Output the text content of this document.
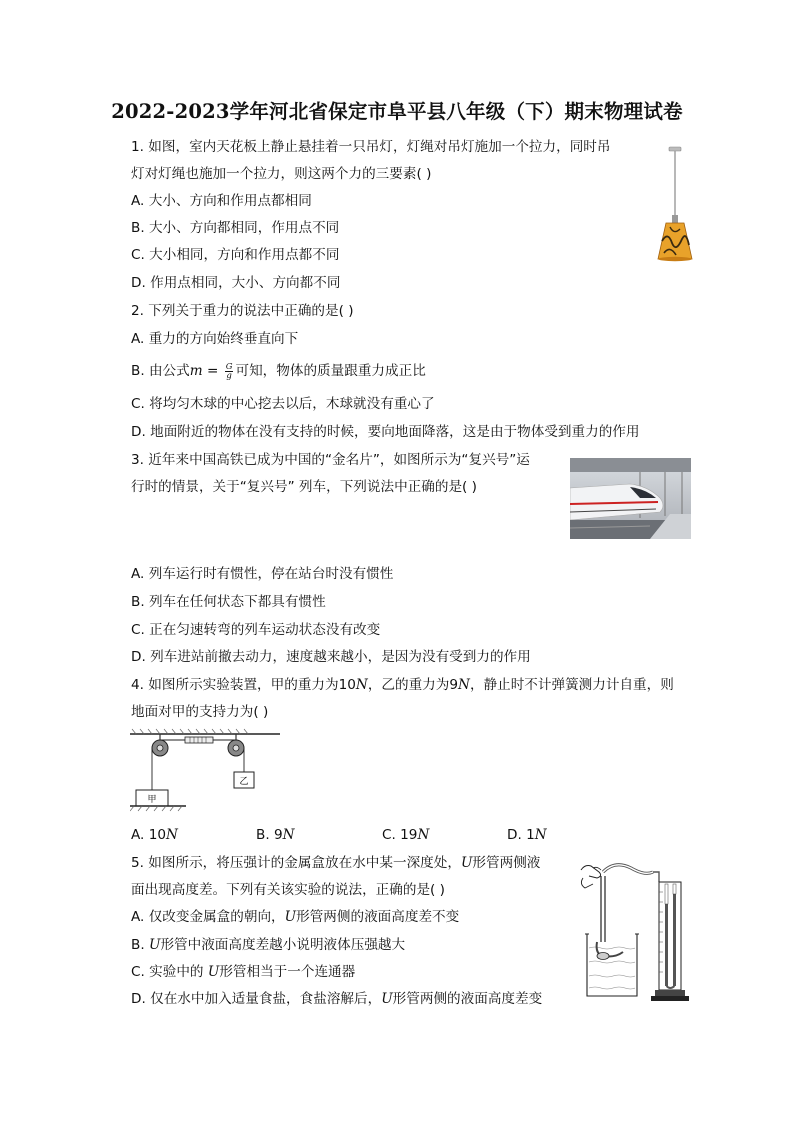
2022-2023学年河北省保定市阜平县八年级（下）期末物理试卷
1. 如图，室内天花板上静止悬挂着一只吊灯，灯绳对吊灯施加一个拉力，同时吊
灯对灯绳也施加一个拉力，则这两个力的三要素( )
A. 大小、方向和作用点都相同
B. 大小、方向都相同，作用点不同
C. 大小相同，方向和作用点都不同
D. 作用点相同，大小、方向都不同
2. 下列关于重力的说法中正确的是( )
A. 重力的方向始终垂直向下
B. 由公式$m = \frac{G}{g}$ 可知，物体的质量跟重力成正比
C. 将均匀木球的中心挖去以后，木球就没有重心了
D. 地面附近的物体在没有支持的时候，要向地面降落，这是由于物体受到重力的作用
3. 近年来中国高铁已成为中国的“金名片”，如图所示为“复兴号”运
行时的情景，关于“复兴号” 列车，下列说法中正确的是( )
A. 列车运行时有惯性，停在站台时没有惯性
B. 列车在任何状态下都具有惯性
C. 正在匀速转弯的列车运动状态没有改变
D. 列车进站前撤去动力，速度越来越小，是因为没有受到力的作用
4. 如图所示实验装置，甲的重力为10N，乙的重力为9N，静止时不计弹簧测力计自重，则
地面对甲的支持力为( )
甲
乙
A. 10N	B. 9N	C. 19N	D. 1N
5. 如图所示，将压强计的金属盒放在水中某一深度处，U形管两侧液
面出现高度差。下列有关该实验的说法，正确的是( )
A. 仅改变金属盒的朝向，U形管两侧的液面高度差不变
B. U形管中液面高度差越小说明液体压强越大
C. 实验中的 U形管相当于一个连通器
D. 仅在水中加入适量食盐，食盐溶解后，U形管两侧的液面高度差变
